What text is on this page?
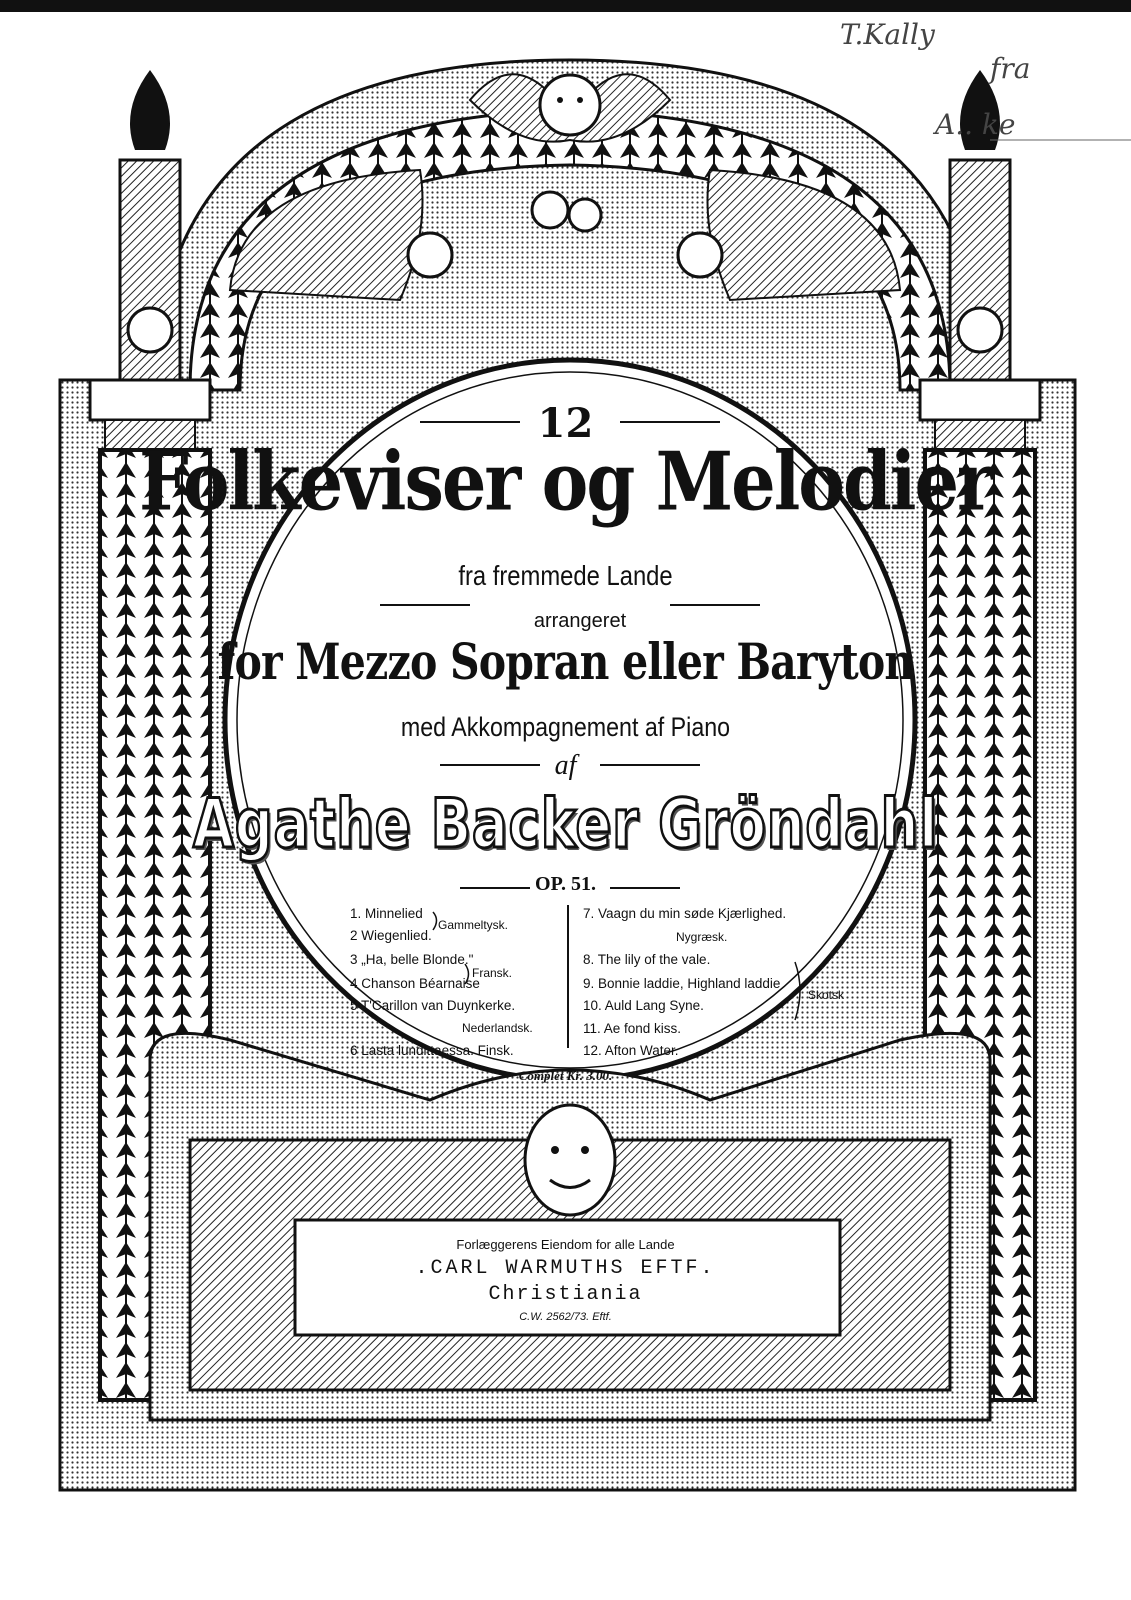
T.Kally
fra
A.. ke
12
Folkeviser og Melodier
fra fremmede Lande
arrangeret
for Mezzo Sopran eller Baryton
med Akkompagnement af Piano
af
Agathe Backer Gröndahl
OP. 51.
1. Minnelied
2 Wiegenlied.
3 „Ha, belle Blonde."
4 Chanson Béarnaise
5 T'Carillon van Duynkerke.
6 Lasta lundittaessa. Finsk.
Gammeltysk.
Fransk.
Nederlandsk.
7. Vaagn du min søde Kjærlighed.
8. The lily of the vale.
9. Bonnie laddie, Highland laddie
10. Auld Lang Syne.
11. Ae fond kiss.
12. Afton Water.
Nygræsk.
Skotsk
Complet Kr. 3.00.
Forlæggerens Eiendom for alle Lande
.CARL WARMUTHS EFTF.
Christiania
C.W. 2562/73. Eftf.
